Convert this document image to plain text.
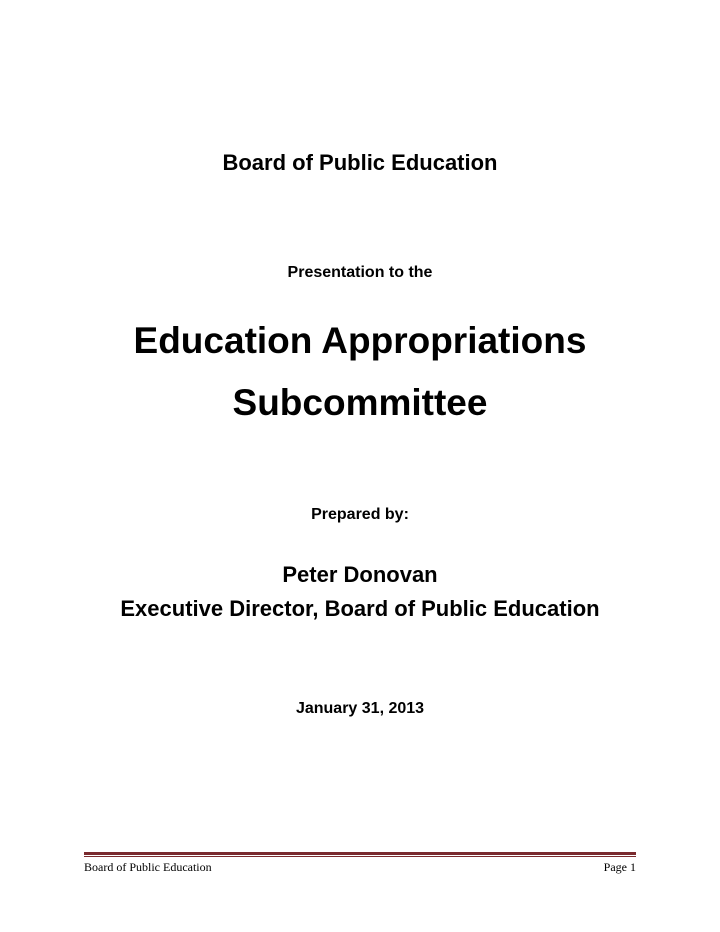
Board of Public Education
Presentation to the
Education Appropriations
Subcommittee
Prepared by:
Peter Donovan
Executive Director, Board of Public Education
January 31, 2013
Board of Public Education	Page 1
